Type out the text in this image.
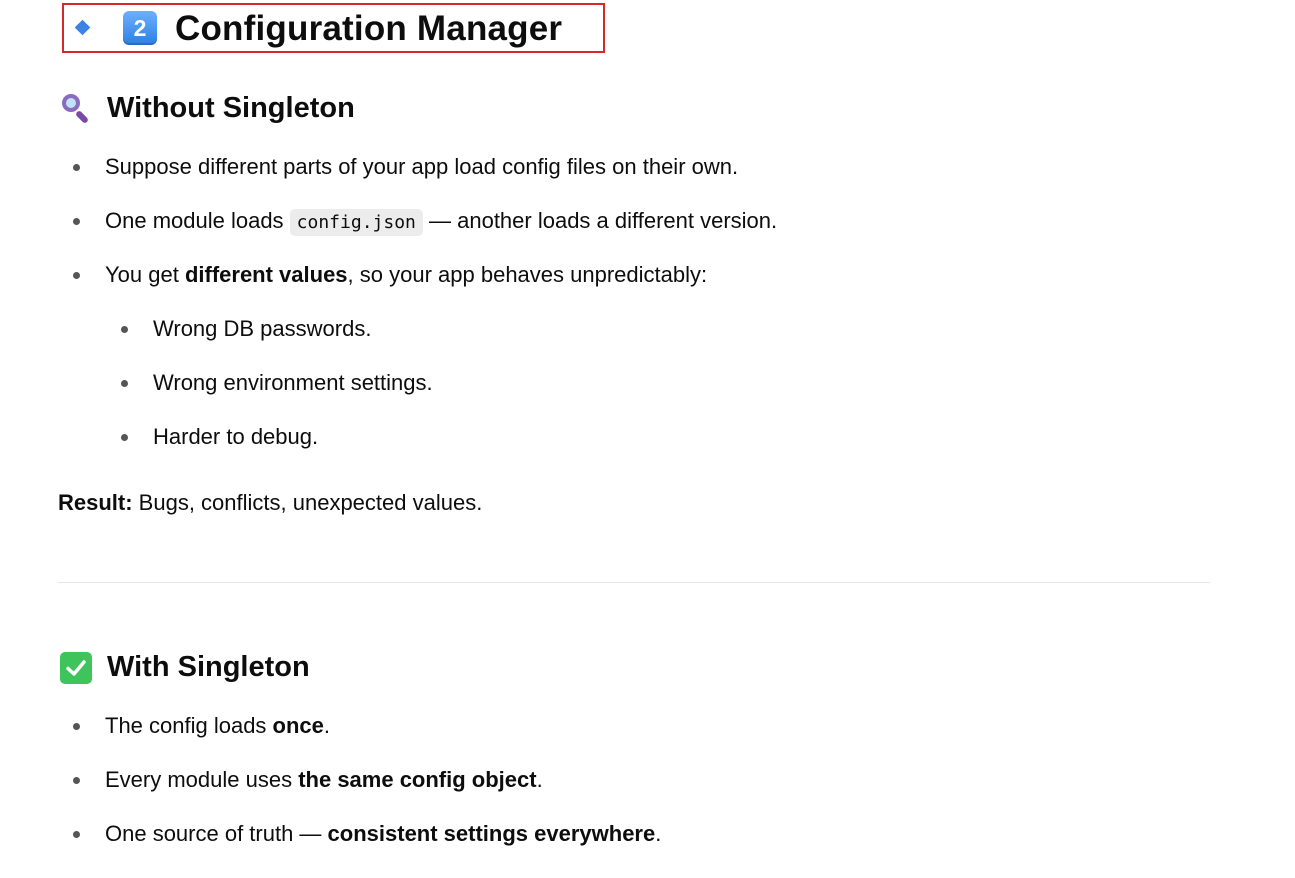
2 Configuration Manager
Without Singleton
Suppose different parts of your app load config files on their own.
One module loads config.json — another loads a different version.
You get different values, so your app behaves unpredictably:
Wrong DB passwords.
Wrong environment settings.
Harder to debug.
Result: Bugs, conflicts, unexpected values.
With Singleton
The config loads once.
Every module uses the same config object.
One source of truth — consistent settings everywhere.
